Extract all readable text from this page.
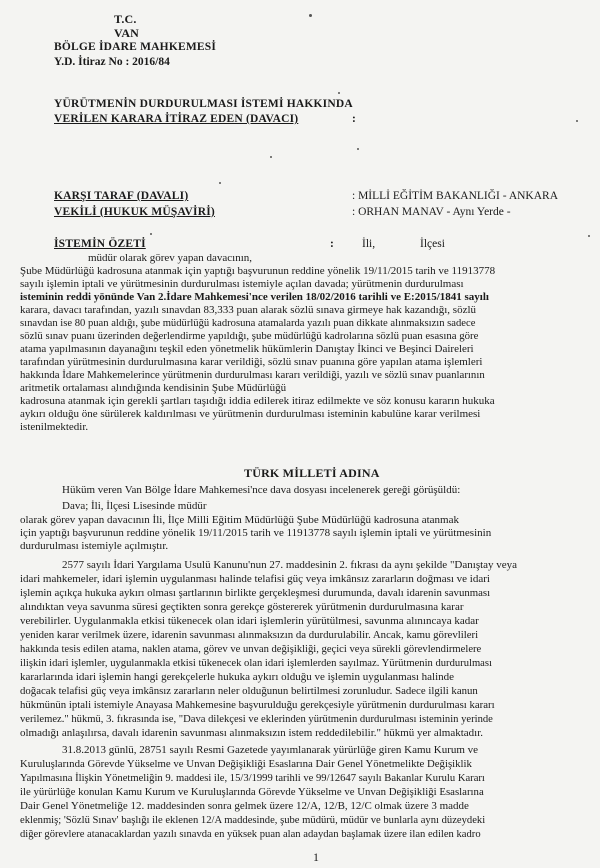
T.C.
VAN
BÖLGE İDARE MAHKEMESİ
Y.D. İtiraz No : 2016/84
YÜRÜTMENİN DURDURULMASI İSTEMİ HAKKINDA
VERİLEN KARARA İTİRAZ EDEN (DAVACI)	:
KARŞI TARAF (DAVALI)	: MİLLİ EĞİTİM BAKANLIĞI - ANKARA
VEKİLİ (HUKUK MÜŞAVİRİ)	: ORHAN MANAV - Aynı Yerde -
İSTEMİN ÖZETİ	: İli,	İlçesi
müdür olarak görev yapan davacının,
Şube Müdürlüğü kadrosuna atanmak için yaptığı başvurunun reddine yönelik 19/11/2015 tarih ve 11913778
sayılı işlemin iptali ve yürütmesinin durdurulması istemiyle açılan davada; yürütmenin durdurulması
isteminin reddi yönünde Van 2.İdare Mahkemesi'nce verilen 18/02/2016 tarihli ve E:2015/1841 sayılı
karara, davacı tarafından, yazılı sınavdan 83,333 puan alarak sözlü sınava girmeye hak kazandığı, sözlü
sınavdan ise 80 puan aldığı, şube müdürlüğü kadrosuna atamalarda yazılı puan dikkate alınmaksızın sadece
sözlü sınav puanı üzerinden değerlendirme yapıldığı, şube müdürlüğü kadrolarına sözlü puan esasına göre
atama yapılmasının dayanağını teşkil eden yönetmelik hükümlerin Danıştay İkinci ve Beşinci Daireleri
tarafından yürütmesinin durdurulmasına karar verildiği, sözlü sınav puanına göre yapılan atama işlemleri
hakkında İdare Mahkemelerince yürütmenin durdurulması kararı verildiği, yazılı ve sözlü sınav puanlarının
aritmetik ortalaması alındığında kendisinin Şube Müdürlüğü
kadrosuna atanmak için gerekli şartları taşıdığı iddia edilerek itiraz edilmekte ve söz konusu kararın hukuka
aykırı olduğu öne sürülerek kaldırılması ve yürütmenin durdurulması isteminin kabulüne karar verilmesi
istenilmektedir.
TÜRK MİLLETİ ADINA
Hüküm veren Van Bölge İdare Mahkemesi'nce dava dosyası incelenerek gereği görüşüldü:
Dava; İli, İlçesi Lisesinde müdür
olarak görev yapan davacının İli, İlçe Milli Eğitim Müdürlüğü Şube Müdürlüğü kadrosuna atanmak
için yaptığı başvurunun reddine yönelik 19/11/2015 tarih ve 11913778 sayılı işlemin iptali ve yürütmesinin
durdurulması istemiyle açılmıştır.
2577 sayılı İdari Yargılama Usulü Kanunu'nun 27. maddesinin 2. fıkrası da aynı şekilde "Danıştay veya
idari mahkemeler, idari işlemin uygulanması halinde telafisi güç veya imkânsız zararların doğması ve idari
işlemin açıkça hukuka aykırı olması şartlarının birlikte gerçekleşmesi durumunda, davalı idarenin savunması
alındıktan veya savunma süresi geçtikten sonra gerekçe göstererek yürütmenin durdurulmasına karar
verebilirler. Uygulanmakla etkisi tükenecek olan idari işlemlerin yürütülmesi, savunma alınıncaya kadar
yeniden karar verilmek üzere, idarenin savunması alınmaksızın da durdurulabilir. Ancak, kamu görevlileri
hakkında tesis edilen atama, naklen atama, görev ve unvan değişikliği, geçici veya sürekli görevlendirmelere
ilişkin idari işlemler, uygulanmakla etkisi tükenecek olan idari işlemlerden sayılmaz. Yürütmenin durdurulması
kararlarında idari işlemin hangi gerekçelerle hukuka aykırı olduğu ve işlemin uygulanması halinde
doğacak telafisi güç veya imkânsız zararların neler olduğunun belirtilmesi zorunludur. Sadece ilgili kanun
hükmünün iptali istemiyle Anayasa Mahkemesine başvurulduğu gerekçesiyle yürütmenin durdurulması kararı
verilemez." hükmü, 3. fıkrasında ise, "Dava dilekçesi ve eklerinden yürütmenin durdurulması isteminin yerinde
olmadığı anlaşılırsa, davalı idarenin savunması alınmaksızın istem reddedilebilir." hükmü yer almaktadır.
31.8.2013 günlü, 28751 sayılı Resmi Gazetede yayımlanarak yürürlüğe giren Kamu Kurum ve
Kuruluşlarında Görevde Yükselme ve Unvan Değişikliği Esaslarına Dair Genel Yönetmelikte Değişiklik
Yapılmasına İlişkin Yönetmeliğin 9. maddesi ile, 15/3/1999 tarihli ve 99/12647 sayılı Bakanlar Kurulu Kararı
ile yürürlüğe konulan Kamu Kurum ve Kuruluşlarında Görevde Yükselme ve Unvan Değişikliği Esaslarına
Dair Genel Yönetmeliğe 12. maddesinden sonra gelmek üzere 12/A, 12/B, 12/C olmak üzere 3 madde
eklenmiş; 'Sözlü Sınav' başlığı ile eklenen 12/A maddesinde, şube müdürü, müdür ve bunlarla aynı düzeydeki
diğer görevlere atanacaklardan yazılı sınavda en yüksek puan alan adaydan başlamak üzere ilan edilen kadro
1
